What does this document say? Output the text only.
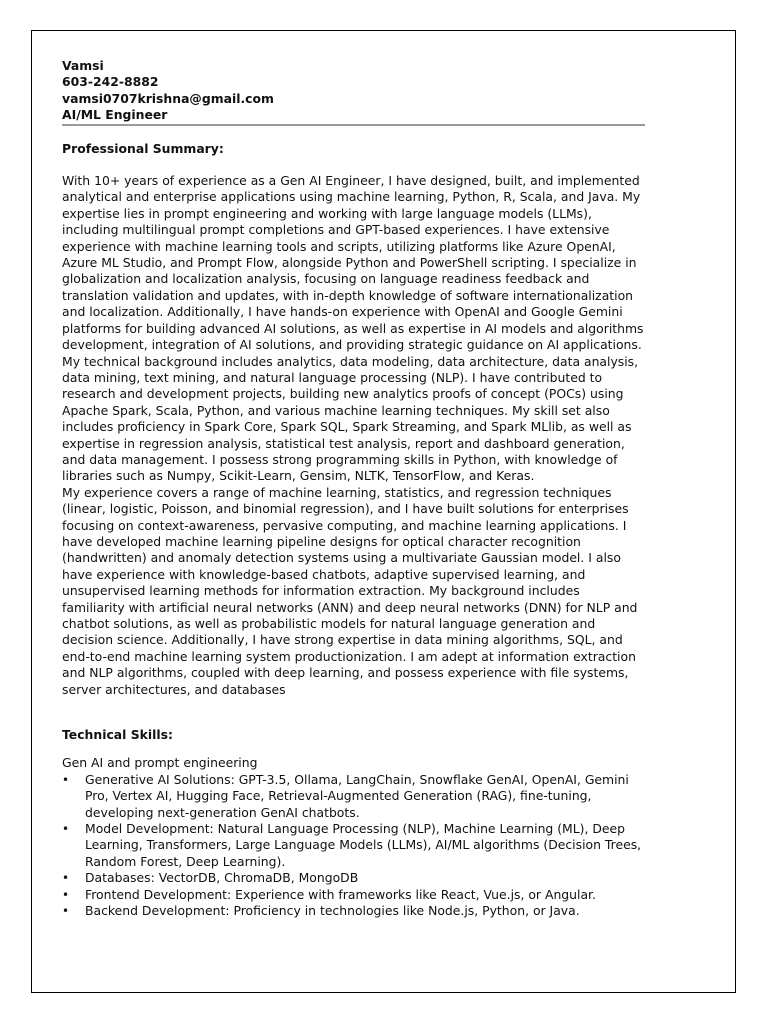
Vamsi
603-242-8882
vamsi0707krishna@gmail.com
AI/ML Engineer
Professional Summary:

With 10+ years of experience as a Gen AI Engineer, I have designed, built, and implemented analytical and enterprise applications using machine learning, Python, R, Scala, and Java. My expertise lies in prompt engineering and working with large language models (LLMs), including multilingual prompt completions and GPT-based experiences. I have extensive experience with machine learning tools and scripts, utilizing platforms like Azure OpenAI, Azure ML Studio, and Prompt Flow, alongside Python and PowerShell scripting. I specialize in globalization and localization analysis, focusing on language readiness feedback and translation validation and updates, with in-depth knowledge of software internationalization and localization. Additionally, I have hands-on experience with OpenAI and Google Gemini platforms for building advanced AI solutions, as well as expertise in AI models and algorithms development, integration of AI solutions, and providing strategic guidance on AI applications. My technical background includes analytics, data modeling, data architecture, data analysis, data mining, text mining, and natural language processing (NLP). I have contributed to research and development projects, building new analytics proofs of concept (POCs) using Apache Spark, Scala, Python, and various machine learning techniques. My skill set also includes proficiency in Spark Core, Spark SQL, Spark Streaming, and Spark MLlib, as well as expertise in regression analysis, statistical test analysis, report and dashboard generation, and data management. I possess strong programming skills in Python, with knowledge of libraries such as Numpy, Scikit-Learn, Gensim, NLTK, TensorFlow, and Keras.

My experience covers a range of machine learning, statistics, and regression techniques (linear, logistic, Poisson, and binomial regression), and I have built solutions for enterprises focusing on context-awareness, pervasive computing, and machine learning applications. I have developed machine learning pipeline designs for optical character recognition (handwritten) and anomaly detection systems using a multivariate Gaussian model. I also have experience with knowledge-based chatbots, adaptive supervised learning, and unsupervised learning methods for information extraction. My background includes familiarity with artificial neural networks (ANN) and deep neural networks (DNN) for NLP and chatbot solutions, as well as probabilistic models for natural language generation and decision science. Additionally, I have strong expertise in data mining algorithms, SQL, and end-to-end machine learning system productionization. I am adept at information extraction and NLP algorithms, coupled with deep learning, and possess experience with file systems, server architectures, and databases

Technical Skills:
Gen AI and prompt engineering
• Generative AI Solutions: GPT-3.5, Ollama, LangChain, Snowflake GenAI, OpenAI, Gemini Pro, Vertex AI, Hugging Face, Retrieval-Augmented Generation (RAG), fine-tuning, developing next-generation GenAI chatbots.
• Model Development: Natural Language Processing (NLP), Machine Learning (ML), Deep Learning, Transformers, Large Language Models (LLMs), AI/ML algorithms (Decision Trees, Random Forest, Deep Learning).
• Databases: VectorDB, ChromaDB, MongoDB
• Frontend Development: Experience with frameworks like React, Vue.js, or Angular.
• Backend Development: Proficiency in technologies like Node.js, Python, or Java.
